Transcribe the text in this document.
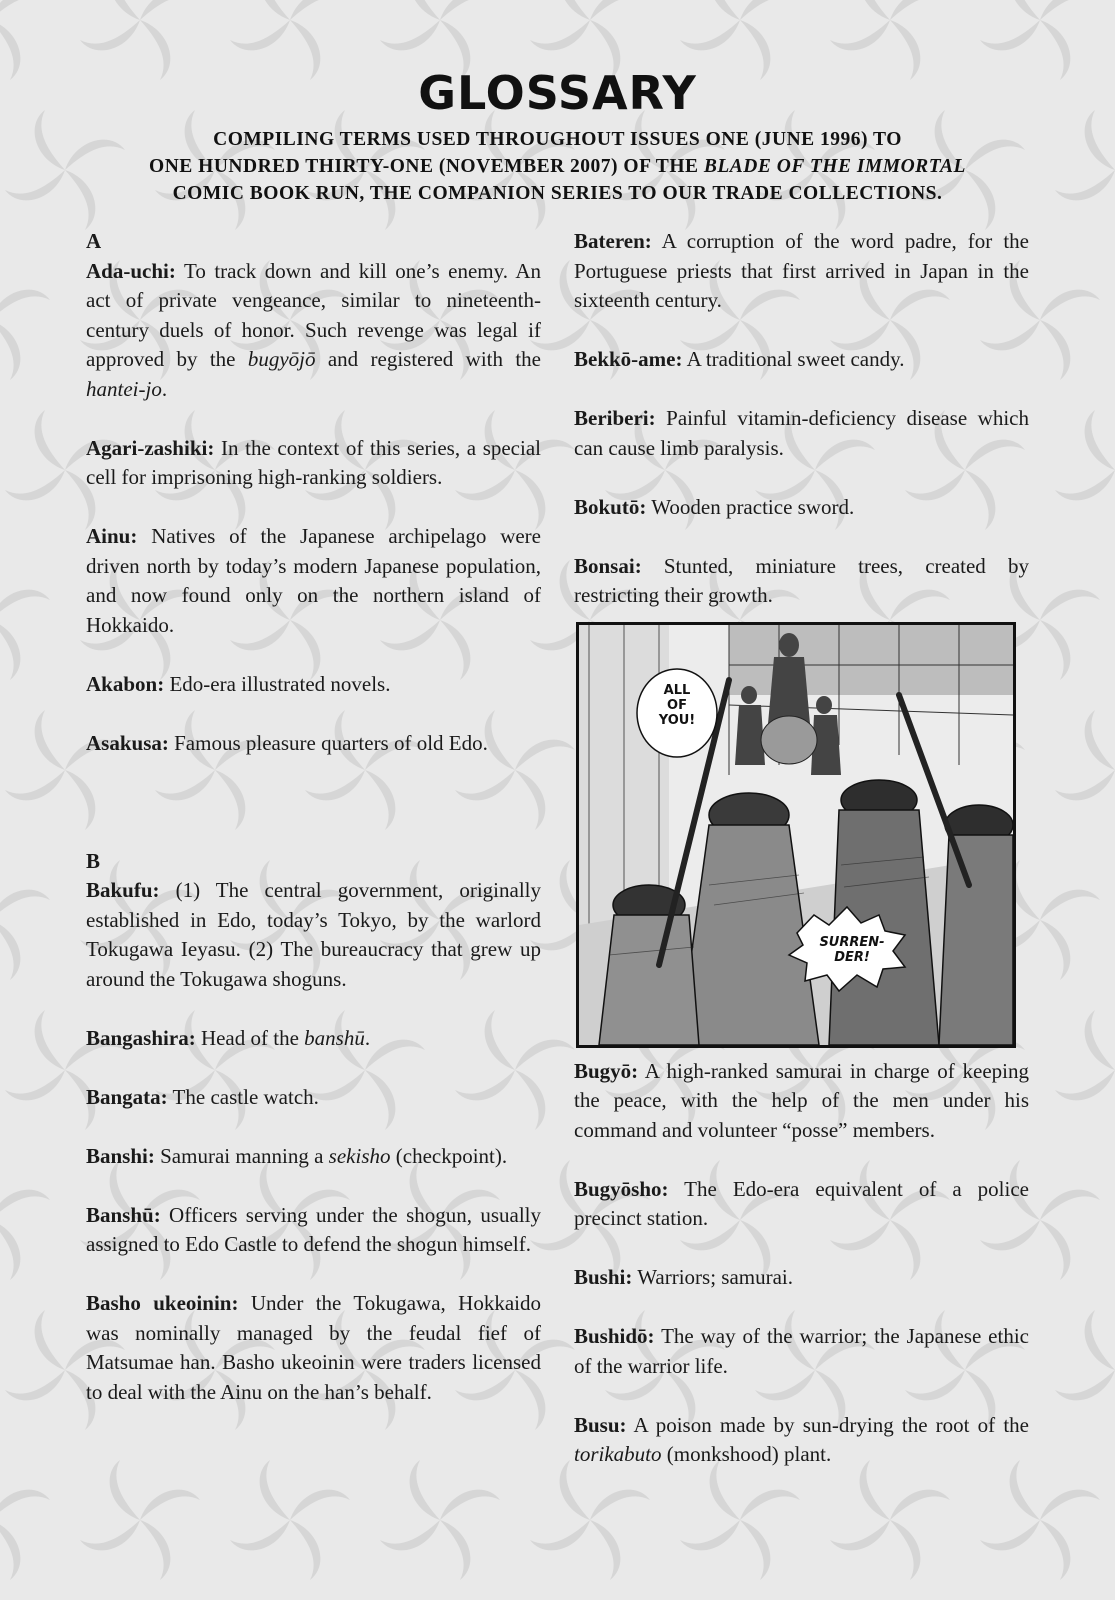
GLOSSARY
COMPILING TERMS USED THROUGHOUT ISSUES ONE (JUNE 1996) TO
ONE HUNDRED THIRTY-ONE (NOVEMBER 2007) OF THE BLADE OF THE IMMORTAL
COMIC BOOK RUN, THE COMPANION SERIES TO OUR TRADE COLLECTIONS.

A

Ada-uchi: To track down and kill one’s enemy. An act of private vengeance, similar to nineteenth-century duels of honor. Such revenge was legal if approved by the bugyōjō and registered with the hantei-jo.

Agari-zashiki: In the context of this series, a special cell for imprisoning high-ranking soldiers.

Ainu: Natives of the Japanese archipelago were driven north by today’s modern Japanese population, and now found only on the northern island of Hokkaido.

Akabon: Edo-era illustrated novels.

Asakusa: Famous pleasure quarters of old Edo.

B

Bakufu: (1) The central government, originally established in Edo, today’s Tokyo, by the warlord Tokugawa Ieyasu. (2) The bureaucracy that grew up around the Tokugawa shoguns.

Bangashira: Head of the banshū.

Bangata: The castle watch.

Banshi: Samurai manning a sekisho (checkpoint).

Banshū: Officers serving under the shogun, usually assigned to Edo Castle to defend the shogun himself.

Basho ukeoinin: Under the Tokugawa, Hokkaido was nominally managed by the feudal fief of Matsumae han. Basho ukeoinin were traders licensed to deal with the Ainu on the han’s behalf.

Bateren: A corruption of the word padre, for the Portuguese priests that first arrived in Japan in the sixteenth century.

Bekkō-ame: A traditional sweet candy.

Beriberi: Painful vitamin-deficiency disease which can cause limb paralysis.

Bokutō: Wooden practice sword.

Bonsai: Stunted, miniature trees, created by restricting their growth.

Bugyō: A high-ranked samurai in charge of keeping the peace, with the help of the men under his command and volunteer “posse” members.

Bugyōsho: The Edo-era equivalent of a police precinct station.

Bushi: Warriors; samurai.

Bushidō: The way of the warrior; the Japanese ethic of the warrior life.

Busu: A poison made by sun-drying the root of the torikabuto (monkshood) plant.

ALL
OF
YOU!
SURREN-
DER!
